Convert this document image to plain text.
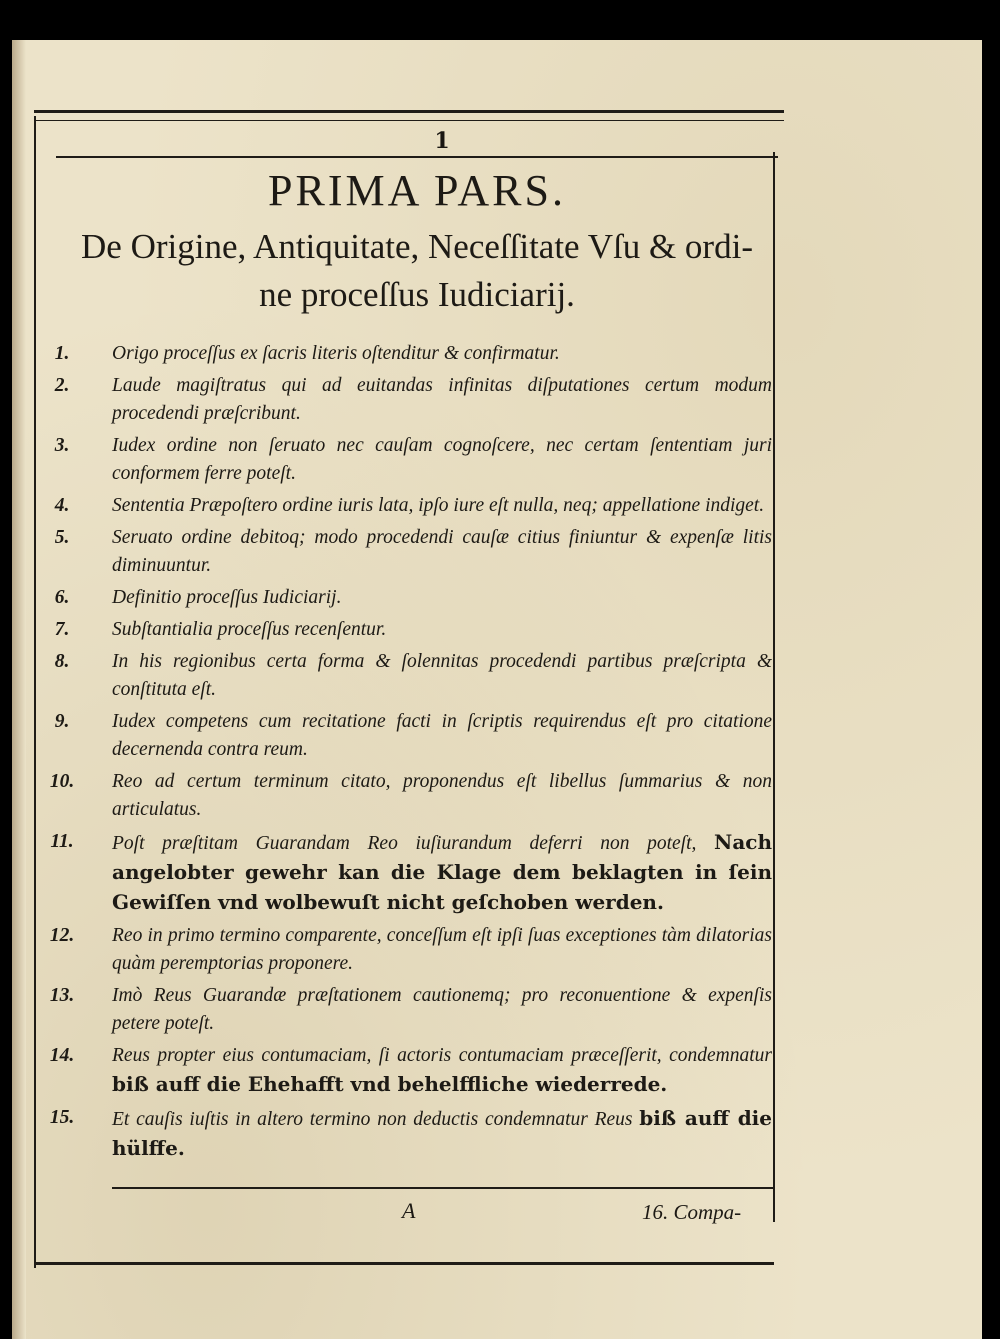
1
PRIMA PARS.
De Origine, Antiquitate, Neceſſitate Vſu & ordi-
ne proceſſus Iudiciarij.
1.	Origo proceſſus ex ſacris literis oſtenditur & confirmatur.
2.	Laude magiſtratus qui ad euitandas infinitas diſputationes certum modum procedendi præſcribunt.
3.	Iudex ordine non ſeruato nec cauſam cognoſcere, nec certam ſententiam juri conformem ferre poteſt.
4.	Sententia Præpoſtero ordine iuris lata, ipſo iure eſt nulla, neq; appellatione indiget.
5.	Seruato ordine debitoq; modo procedendi cauſæ citius finiuntur & expenſæ litis diminuuntur.
6.	Definitio proceſſus Iudiciarij.
7.	Subſtantialia proceſſus recenſentur.
8.	In his regionibus certa forma & ſolennitas procedendi partibus præſcripta & conſtituta eſt.
9.	Iudex competens cum recitatione facti in ſcriptis requirendus eſt pro citatione decernenda contra reum.
10.	Reo ad certum terminum citato, proponendus eſt libellus ſummarius & non articulatus.
11.	Poſt præſtitam Guarandam Reo iuſiurandum deferri non poteſt, Nach angelobter gewehr kan die Klage dem beklagten in ſein Gewiſſen vnd wolbewuſt nicht geſchoben werden.
12.	Reo in primo termino comparente, conceſſum eſt ipſi ſuas exceptiones tàm dilatorias quàm peremptorias proponere.
13.	Imò Reus Guarandæ præſtationem cautionemq; pro reconuentione & expenſis petere poteſt.
14.	Reus propter eius contumaciam, ſi actoris contumaciam præceſſerit, condemnatur biß auff die Ehehafft vnd behelffliche wiederrede.
15.	Et cauſis iuſtis in altero termino non deductis condemnatur Reus biß auff die hülffe.
A	16. Compa-
